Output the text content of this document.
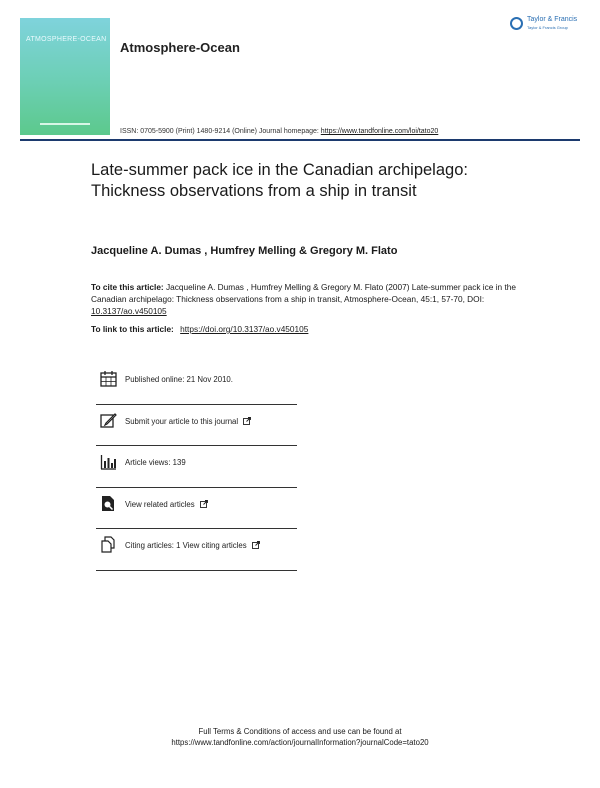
ATMOSPHERE-OCEAN
Atmosphere-Ocean
Taylor & Francis
Taylor & Francis Group
ISSN: 0705-5900 (Print) 1480-9214 (Online) Journal homepage: https://www.tandfonline.com/loi/tato20
Late-summer pack ice in the Canadian archipelago: Thickness observations from a ship in transit
Jacqueline A. Dumas , Humfrey Melling & Gregory M. Flato
To cite this article: Jacqueline A. Dumas , Humfrey Melling & Gregory M. Flato (2007) Late-summer pack ice in the Canadian archipelago: Thickness observations from a ship in transit, Atmosphere-Ocean, 45:1, 57-70, DOI: 10.3137/ao.v450105
To link to this article: https://doi.org/10.3137/ao.v450105
Published online: 21 Nov 2010.
Submit your article to this journal
Article views: 139
View related articles
Citing articles: 1 View citing articles
Full Terms & Conditions of access and use can be found at
https://www.tandfonline.com/action/journalInformation?journalCode=tato20
